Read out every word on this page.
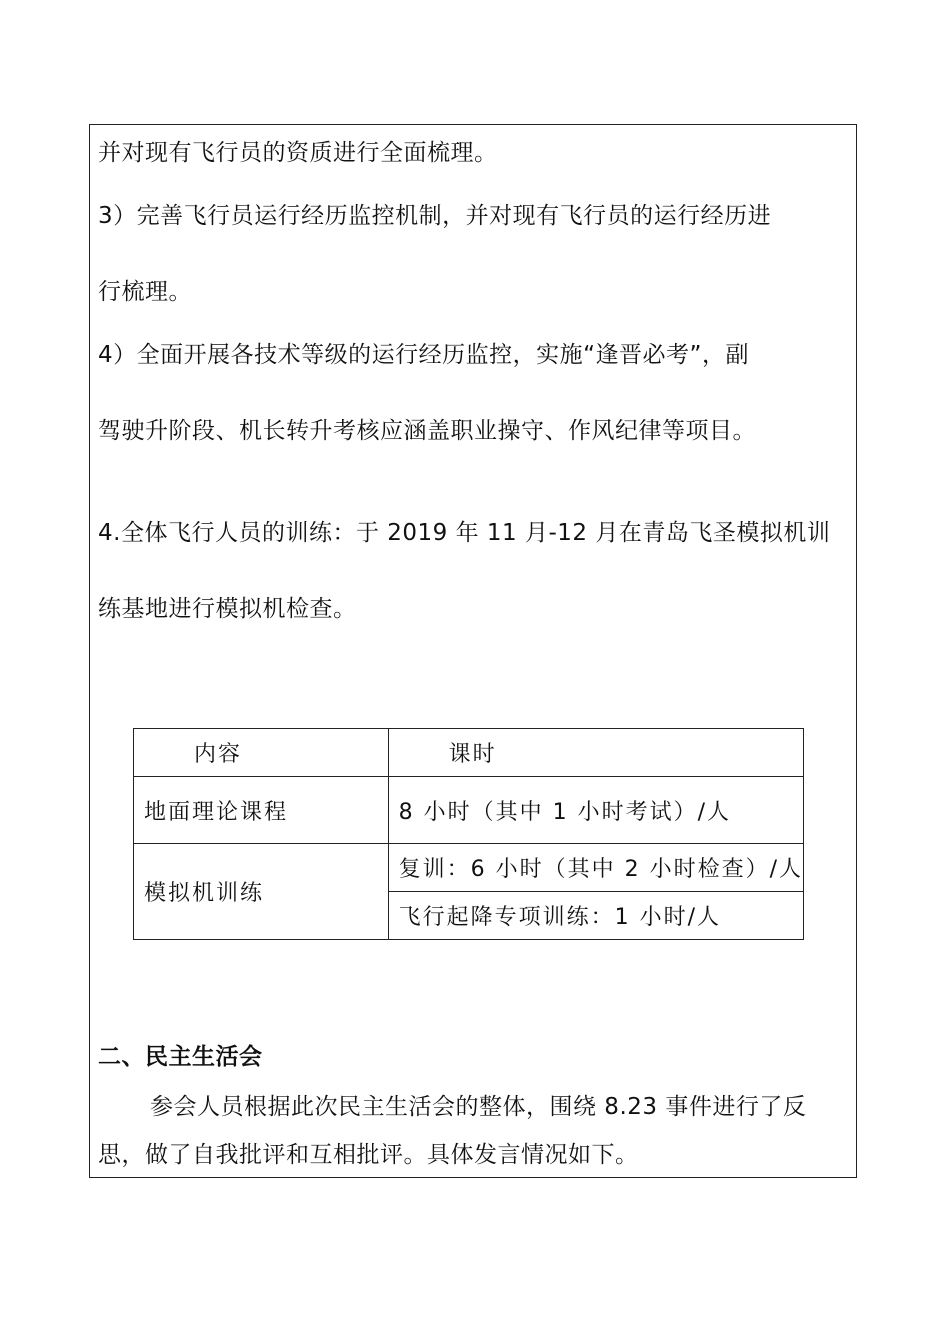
并对现有飞行员的资质进行全面梳理。
3）完善飞行员运行经历监控机制，并对现有飞行员的运行经历进
行梳理。
4）全面开展各技术等级的运行经历监控，实施“逢晋必考”，副
驾驶升阶段、机长转升考核应涵盖职业操守、作风纪律等项目。
4.全体飞行人员的训练：于 2019 年 11 月-12 月在青岛飞圣模拟机训
练基地进行模拟机检查。
内容	课时
地面理论课程	8 小时（其中 1 小时考试）/人
模拟机训练	复训：6 小时（其中 2 小时检查）/人
	飞行起降专项训练：1 小时/人
二、民主生活会
参会人员根据此次民主生活会的整体，围绕 8.23 事件进行了反
思，做了自我批评和互相批评。具体发言情况如下。
